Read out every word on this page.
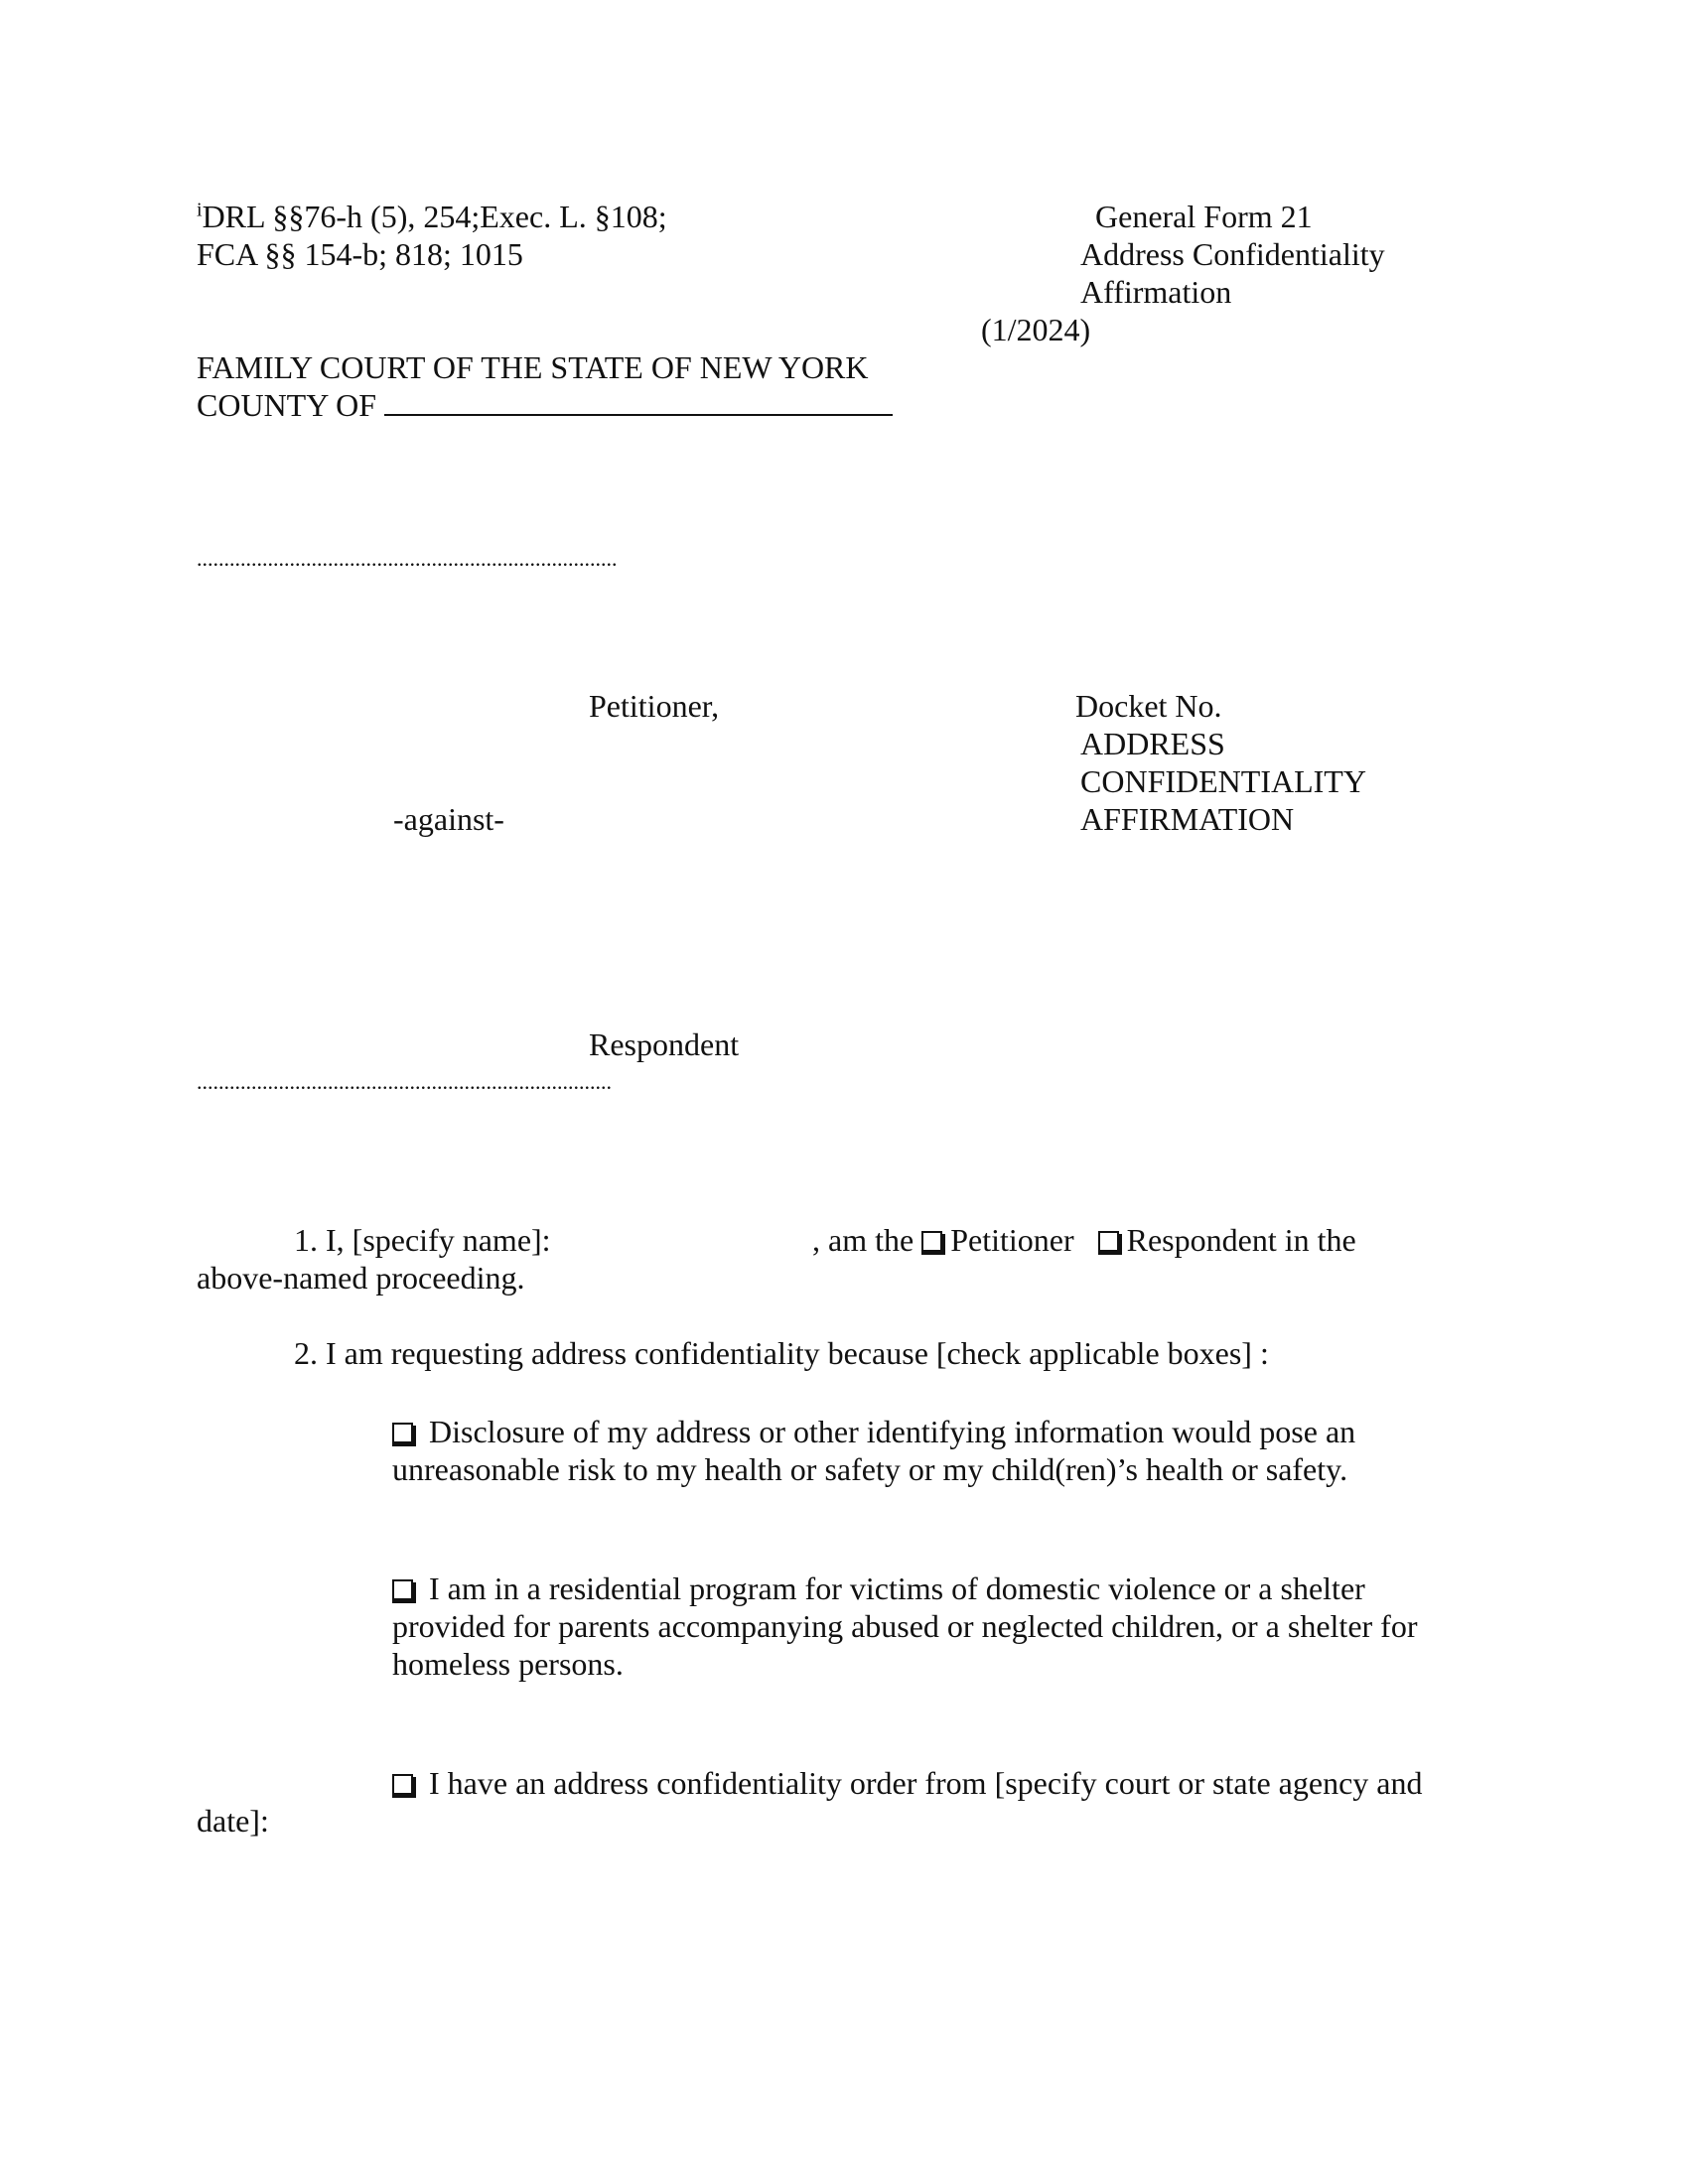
$^i$DRL §§76-h (5), 254;Exec. L. §108;
FCA §§ 154-b; 818; 1015
General Form 21
Address Confidentiality
Affirmation
(1/2024)
FAMILY COURT OF THE STATE OF NEW YORK
COUNTY OF
.............................................................................
Petitioner,
-against-
Respondent
............................................................................
Docket No.
ADDRESS
CONFIDENTIALITY
AFFIRMATION
1. I, [specify name]:	, am the Petitioner Respondent in the
above-named proceeding.
2. I am requesting address confidentiality because [check applicable boxes] :
Disclosure of my address or other identifying information would pose an
unreasonable risk to my health or safety or my child(ren)’s health or safety.
I am in a residential program for victims of domestic violence or a shelter
provided for parents accompanying abused or neglected children, or a shelter for
homeless persons.
I have an address confidentiality order from [specify court or state agency and
date]:
